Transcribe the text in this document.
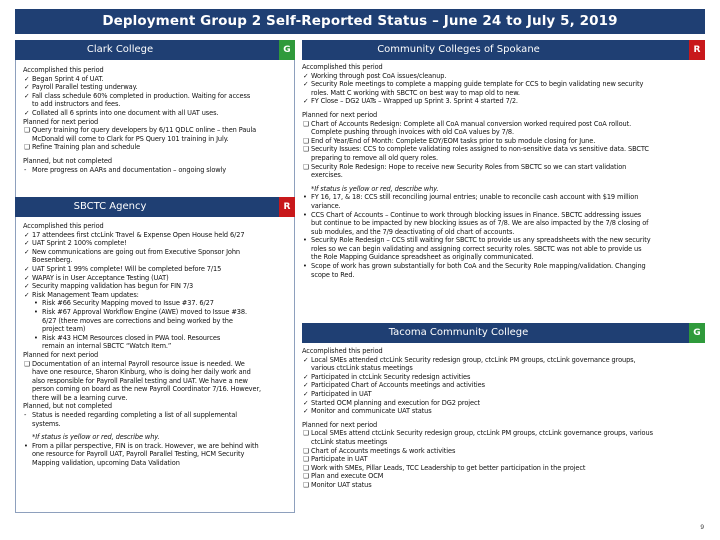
Deployment Group 2 Self-Reported Status – June 24 to July 5, 2019
Clark College	G
Accomplished this period
✓ Began Sprint 4 of UAT.
✓ Payroll Parallel testing underway.
✓ Fall class schedule 60% completed in production. Waiting for access
to add instructors and fees.
✓ Collated all 6 sprints into one document with all UAT uses.
Planned for next period
❑ Query training for query developers by 6/11 QDLC online – then Paula
McDonald will come to Clark for PS Query 101 training in July.
❑ Refine Training plan and schedule
Planned, but not completed
- More progress on AARs and documentation – ongoing slowly
SBCTC Agency	R
Accomplished this period
✓ 17 attendees first ctcLink Travel & Expense Open House held 6/27
✓ UAT Sprint 2 100% complete!
✓ New communications are going out from Executive Sponsor John
Boesenberg.
✓ UAT Sprint 1 99% complete! Will be completed before 7/15
✓ WAPAY is in User Acceptance Testing (UAT)
✓ Security mapping validation has begun for FIN 7/3
✓ Risk Management Team updates:
• Risk #66 Security Mapping moved to Issue #37. 6/27
• Risk #67 Approval Workflow Engine (AWE) moved to Issue #38.
6/27 (there moves are corrections and being worked by the
project team)
• Risk #43 HCM Resources closed in PWA tool. Resources
remain an internal SBCTC “Watch Item.”
Planned for next period
❑ Documentation of an internal Payroll resource issue is needed. We
have one resource, Sharon Kinburg, who is doing her daily work and
also responsible for Payroll Parallel testing and UAT. We have a new
person coming on board as the new Payroll Coordinator 7/16. However,
there will be a learning curve.
Planned, but not completed
- Status is needed regarding completing a list of all supplemental
systems.
*If status is yellow or red, describe why.
• From a pillar perspective, FIN is on track. However, we are behind with
one resource for Payroll UAT, Payroll Parallel Testing, HCM Security
Mapping validation, upcoming Data Validation
Community Colleges of Spokane	R
Accomplished this period
✓ Working through post CoA issues/cleanup.
✓ Security Role meetings to complete a mapping guide template for CCS to begin validating new security
roles. Matt C working with SBCTC on best way to map old to new.
✓ FY Close – DG2 UATs – Wrapped up Sprint 3. Sprint 4 started 7/2.
Planned for next period
❑ Chart of Accounts Redesign: Complete all CoA manual conversion worked required post CoA rollout.
Complete pushing through invoices with old CoA values by 7/8.
❑ End of Year/End of Month: Complete EOY/EOM tasks prior to sub module closing for June.
❑ Security Issues: CCS to complete validating roles assigned to non-sensitive data vs sensitive data. SBCTC
preparing to remove all old query roles.
❑ Security Role Redesign: Hope to receive new Security Roles from SBCTC so we can start validation
exercises.
*If status is yellow or red, describe why.
• FY 16, 17, & 18: CCS still reconciling journal entries; unable to reconcile cash account with $19 million
variance.
• CCS Chart of Accounts – Continue to work through blocking issues in Finance. SBCTC addressing issues
but continue to be impacted by new blocking issues as of 7/8. We are also impacted by the 7/8 closing of
sub modules, and the 7/9 deactivating of old chart of accounts.
• Security Role Redesign – CCS still waiting for SBCTC to provide us any spreadsheets with the new security
roles so we can begin validating and assigning correct security roles. SBCTC was not able to provide us
the Role Mapping Guidance spreadsheet as originally communicated.
• Scope of work has grown substantially for both CoA and the Security Role mapping/validation. Changing
scope to Red.
Tacoma Community College	G
Accomplished this period
✓ Local SMEs attended ctcLink Security redesign group, ctcLink PM groups, ctcLink governance groups,
various ctcLink status meetings
✓ Participated in ctcLink Security redesign activities
✓ Participated Chart of Accounts meetings and activities
✓ Participated in UAT
✓ Started OCM planning and execution for DG2 project
✓ Monitor and communicate UAT status
Planned for next period
❑ Local SMEs attend ctcLink Security redesign group, ctcLink PM groups, ctcLink governance groups, various
ctcLink status meetings
❑ Chart of Accounts meetings & work activities
❑ Participate in UAT
❑ Work with SMEs, Pillar Leads, TCC Leadership to get better participation in the project
❑ Plan and execute OCM
❑ Monitor UAT status
9
